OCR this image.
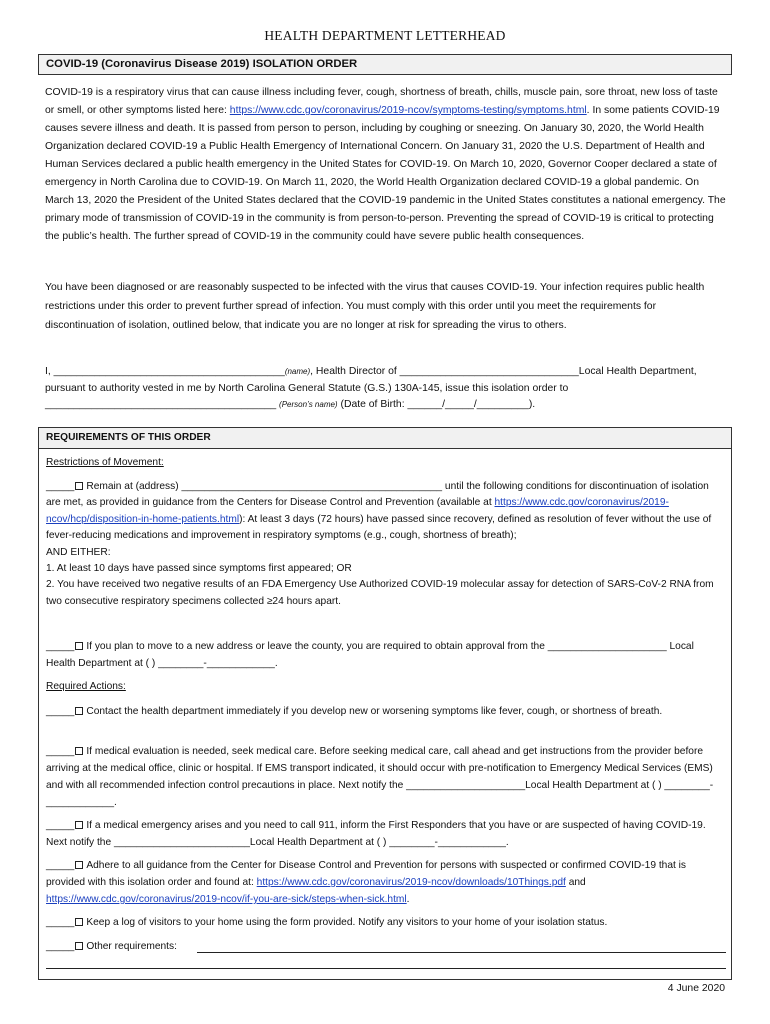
HEALTH DEPARTMENT LETTERHEAD
COVID-19 (Coronavirus Disease 2019) ISOLATION ORDER
COVID-19 is a respiratory virus that can cause illness including fever, cough, shortness of breath, chills, muscle pain, sore throat, new loss of taste or smell, or other symptoms listed here: https://www.cdc.gov/coronavirus/2019-ncov/symptoms-testing/symptoms.html. In some patients COVID-19 causes severe illness and death. It is passed from person to person, including by coughing or sneezing. On January 30, 2020, the World Health Organization declared COVID-19 a Public Health Emergency of International Concern. On January 31, 2020 the U.S. Department of Health and Human Services declared a public health emergency in the United States for COVID-19. On March 10, 2020, Governor Cooper declared a state of emergency in North Carolina due to COVID-19. On March 11, 2020, the World Health Organization declared COVID-19 a global pandemic. On March 13, 2020 the President of the United States declared that the COVID-19 pandemic in the United States constitutes a national emergency. The primary mode of transmission of COVID-19 in the community is from person-to-person. Preventing the spread of COVID-19 is critical to protecting the public’s health. The further spread of COVID-19 in the community could have severe public health consequences.
You have been diagnosed or are reasonably suspected to be infected with the virus that causes COVID-19. Your infection requires public health restrictions under this order to prevent further spread of infection. You must comply with this order until you meet the requirements for discontinuation of isolation, outlined below, that indicate you are no longer at risk for spreading the virus to others.
I, ________________________________________(name), Health Director of _______________________________Local Health Department, pursuant to authority vested in me by North Carolina General Statute (G.S.) 130A-145, issue this isolation order to ________________________________________ (Person’s name) (Date of Birth: ______/_____/_________).
REQUIREMENTS OF THIS ORDER
Restrictions of Movement:
_____ Remain at (address) ______________________________________________ until the following conditions for discontinuation of isolation are met, as provided in guidance from the Centers for Disease Control and Prevention (available at https://www.cdc.gov/coronavirus/2019-ncov/hcp/disposition-in-home-patients.html): At least 3 days (72 hours) have passed since recovery, defined as resolution of fever without the use of fever-reducing medications and improvement in respiratory symptoms (e.g., cough, shortness of breath);
AND EITHER:
1. At least 10 days have passed since symptoms first appeared; OR
2. You have received two negative results of an FDA Emergency Use Authorized COVID-19 molecular assay for detection of SARS-CoV-2 RNA from two consecutive respiratory specimens collected ≥24 hours apart.
_____ If you plan to move to a new address or leave the county, you are required to obtain approval from the _____________________ Local Health Department at ( ) ________-____________.
Required Actions:
_____ Contact the health department immediately if you develop new or worsening symptoms like fever, cough, or shortness of breath.
_____ If medical evaluation is needed, seek medical care. Before seeking medical care, call ahead and get instructions from the provider before arriving at the medical office, clinic or hospital. If EMS transport indicated, it should occur with pre-notification to Emergency Medical Services (EMS) and with all recommended infection control precautions in place. Next notify the _____________________Local Health Department at ( ) ________-____________.
_____ If a medical emergency arises and you need to call 911, inform the First Responders that you have or are suspected of having COVID-19. Next notify the ________________________Local Health Department at ( ) ________-____________.
_____ Adhere to all guidance from the Center for Disease Control and Prevention for persons with suspected or confirmed COVID-19 that is provided with this isolation order and found at: https://www.cdc.gov/coronavirus/2019-ncov/downloads/10Things.pdf and https://www.cdc.gov/coronavirus/2019-ncov/if-you-are-sick/steps-when-sick.html.
_____ Keep a log of visitors to your home using the form provided. Notify any visitors to your home of your isolation status.
_____ Other requirements:
4 June 2020
